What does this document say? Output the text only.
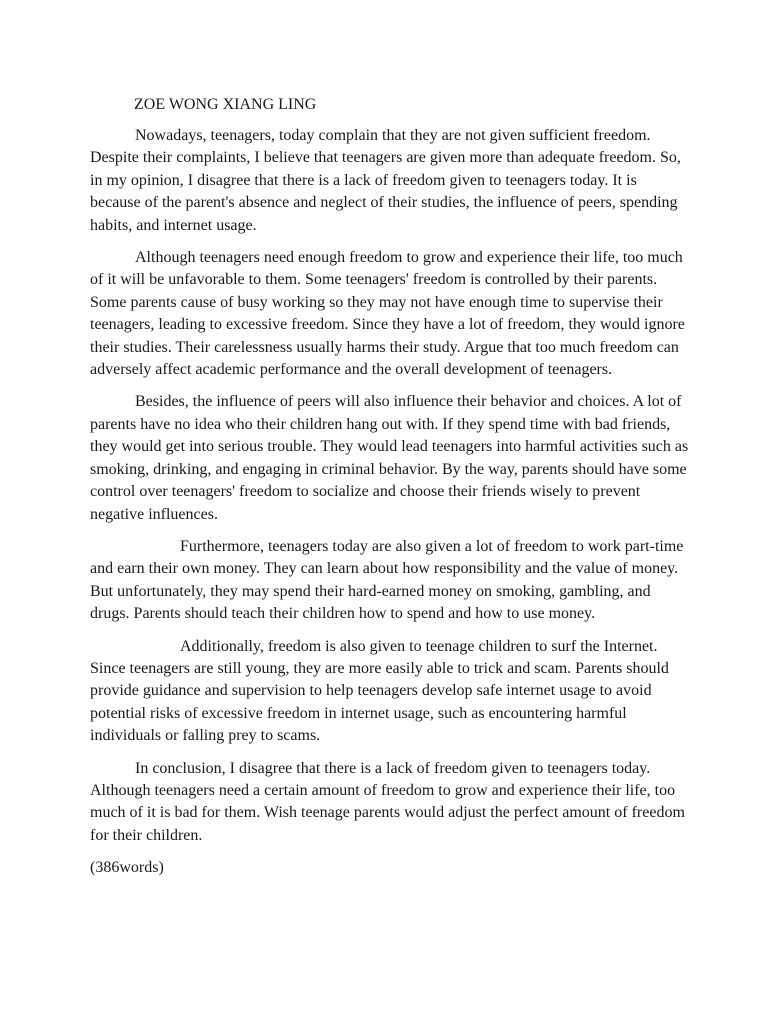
ZOE WONG XIANG LING

Nowadays, teenagers, today complain that they are not given sufficient freedom. Despite their complaints, I believe that teenagers are given more than adequate freedom. So, in my opinion, I disagree that there is a lack of freedom given to teenagers today. It is because of the parent's absence and neglect of their studies, the influence of peers, spending habits, and internet usage.

Although teenagers need enough freedom to grow and experience their life, too much of it will be unfavorable to them. Some teenagers' freedom is controlled by their parents. Some parents cause of busy working so they may not have enough time to supervise their teenagers, leading to excessive freedom. Since they have a lot of freedom, they would ignore their studies. Their carelessness usually harms their study. Argue that too much freedom can adversely affect academic performance and the overall development of teenagers.

Besides, the influence of peers will also influence their behavior and choices. A lot of parents have no idea who their children hang out with. If they spend time with bad friends, they would get into serious trouble. They would lead teenagers into harmful activities such as smoking, drinking, and engaging in criminal behavior. By the way, parents should have some control over teenagers' freedom to socialize and choose their friends wisely to prevent negative influences.

Furthermore, teenagers today are also given a lot of freedom to work part-time and earn their own money. They can learn about how responsibility and the value of money. But unfortunately, they may spend their hard-earned money on smoking, gambling, and drugs. Parents should teach their children how to spend and how to use money.

Additionally, freedom is also given to teenage children to surf the Internet. Since teenagers are still young, they are more easily able to trick and scam. Parents should provide guidance and supervision to help teenagers develop safe internet usage to avoid potential risks of excessive freedom in internet usage, such as encountering harmful individuals or falling prey to scams.

In conclusion, I disagree that there is a lack of freedom given to teenagers today. Although teenagers need a certain amount of freedom to grow and experience their life, too much of it is bad for them. Wish teenage parents would adjust the perfect amount of freedom for their children.

(386words)
